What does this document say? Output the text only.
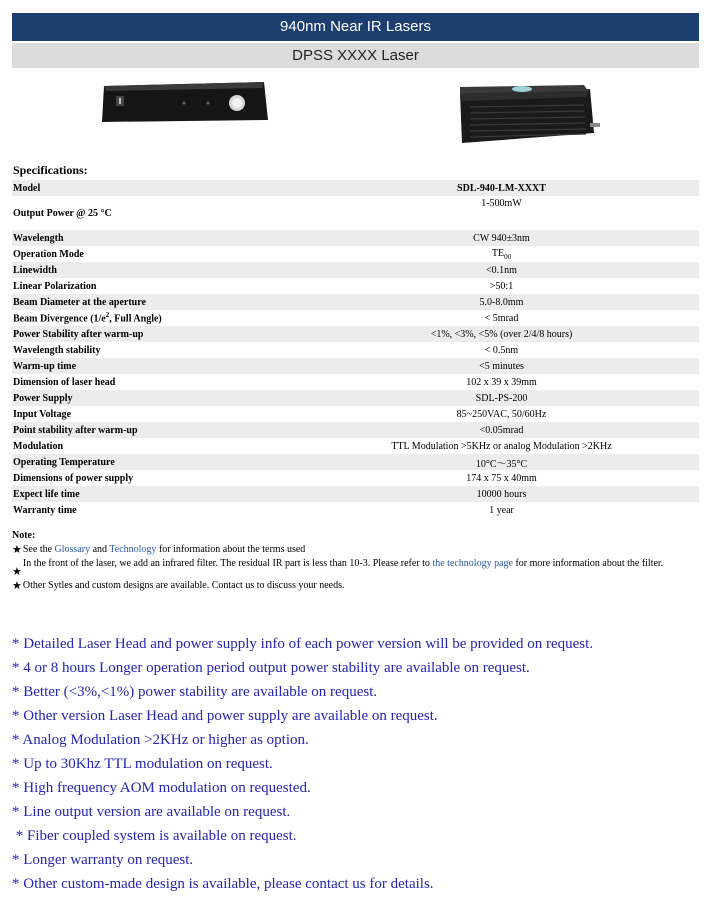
940nm Near IR Lasers
DPSS XXXX Laser
Specifications:
Model	SDL-940-LM-XXXT
Output Power @ 25 °C	1-500mW
Wavelength	CW 940±3nm
Operation Mode	$TE_{00}$
Linewidth	<0.1nm
Linear Polarization	>50:1
Beam Diameter at the aperture	5.0-8.0mm
Beam Divergence ($1/e^2$, Full Angle)	< 5mrad
Power Stability after warm-up	<1%, <3%, <5% (over 2/4/8 hours)
Wavelength stability	< 0.5nm
Warm-up time	<5 minutes
Dimension of laser head	102 x 39 x 39mm
Power Supply	SDL-PS-200
Input Voltage	85~250VAC, 50/60Hz
Point stability after warm-up	<0.05mrad
Modulation	TTL Modulation >5KHz or analog Modulation >2KHz
Operating Temperature	10°C～35°C
Dimensions of power supply	174 x 75 x 40mm
Expect life time	10000 hours
Warranty time	1 year
Note:
★ See the Glossary and Technology for information about the terms used
★
In the front of the laser, we add an infrared filter. The residual IR part is less than 10-3. Please refer to the technology page for more information about the filter.
★ Other Sytles and custom designs are available. Contact us to discuss your needs.
* Detailed Laser Head and power supply info of each power version will be provided on request.
* 4 or 8 hours Longer operation period output power stability are available on request.
* Better (<3%,<1%) power stability are available on request.
* Other version Laser Head and power supply are available on request.
* Analog Modulation >2KHz or higher as option.
* Up to 30Khz TTL modulation on request.
* High frequency AOM modulation on requested.
* Line output version are available on request.
* Fiber coupled system is available on request.
* Longer warranty on request.
* Other custom-made design is available, please contact us for details.
